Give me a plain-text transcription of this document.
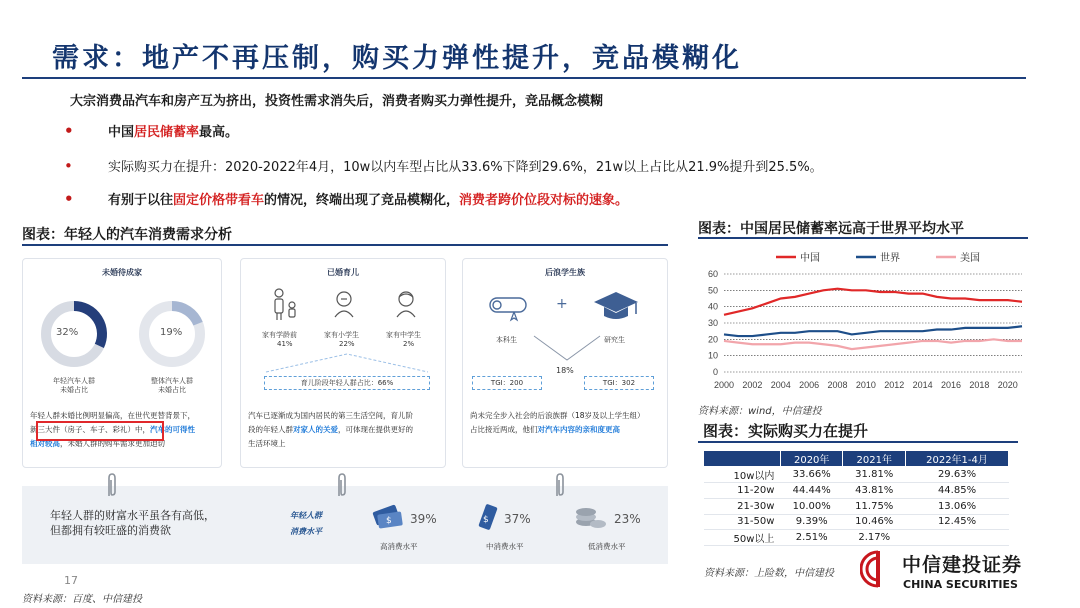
需求：地产不再压制，购买力弹性提升，竞品模糊化
大宗消费品汽车和房产互为挤出，投资性需求消失后，消费者购买力弹性提升，竞品概念模糊
•	中国居民储蓄率最高。
•	实际购买力在提升：2020-2022年4月，10w以内车型占比从33.6%下降到29.6%，21w以上占比从21.9%提升到25.5%。
•	有别于以往固定价格带看车的情况，终端出现了竞品模糊化，消费者跨价位段对标的速象。
图表：年轻人的汽车消费需求分析
未婚待成家
32%
年轻汽车人群
未婚占比
19%
整体汽车人群
未婚占比
年轻人群未婚比例明显偏高，在世代更替背景下，
新三大件（房子、车子、彩礼）中，汽车的可得性
相对较高，未婚人群的购车需求更加迫切
已婚育儿
家有学龄前
41%
家有小学生
22%
家有中学生
2%
育儿阶段年轻人群占比：66%
汽车已逐渐成为国内居民的第三生活空间，育儿阶
段的年轻人群对家人的关爱，可体现在提供更好的
生活环境上
后浪学生族
+
本科生	研究生
18%
TGI：200	TGI：302
尚未完全步入社会的后浪族群（18岁及以上学生组）
占比接近两成，他们对汽车内容的亲和度更高
年轻人群的财富水平虽各有高低，
但都拥有较旺盛的消费欲
年轻人群
消费水平
$ 39%
高消费水平
$ 37%
中消费水平
23%
低消费水平
17
资料来源：百度、中信建投
图表：中国居民储蓄率远高于世界平均水平
0
10
20
30
40
50
60
2000 2002 2004 2006 2008 2010 2012 2014 2016 2018 2020
中国	世界	美国
资料来源：wind，中信建投
图表：实际购买力在提升
	2020年	2021年	2022年1-4月
10w以内	33.66%	31.81%	29.63%
11-20w	44.44%	43.81%	44.85%
21-30w	10.00%	11.75%	13.06%
31-50w	9.39%	10.46%	12.45%
50w以上	2.51%	2.17%	
资料来源：上险数，中信建投	中信建投证券
CHINA SECURITIES
